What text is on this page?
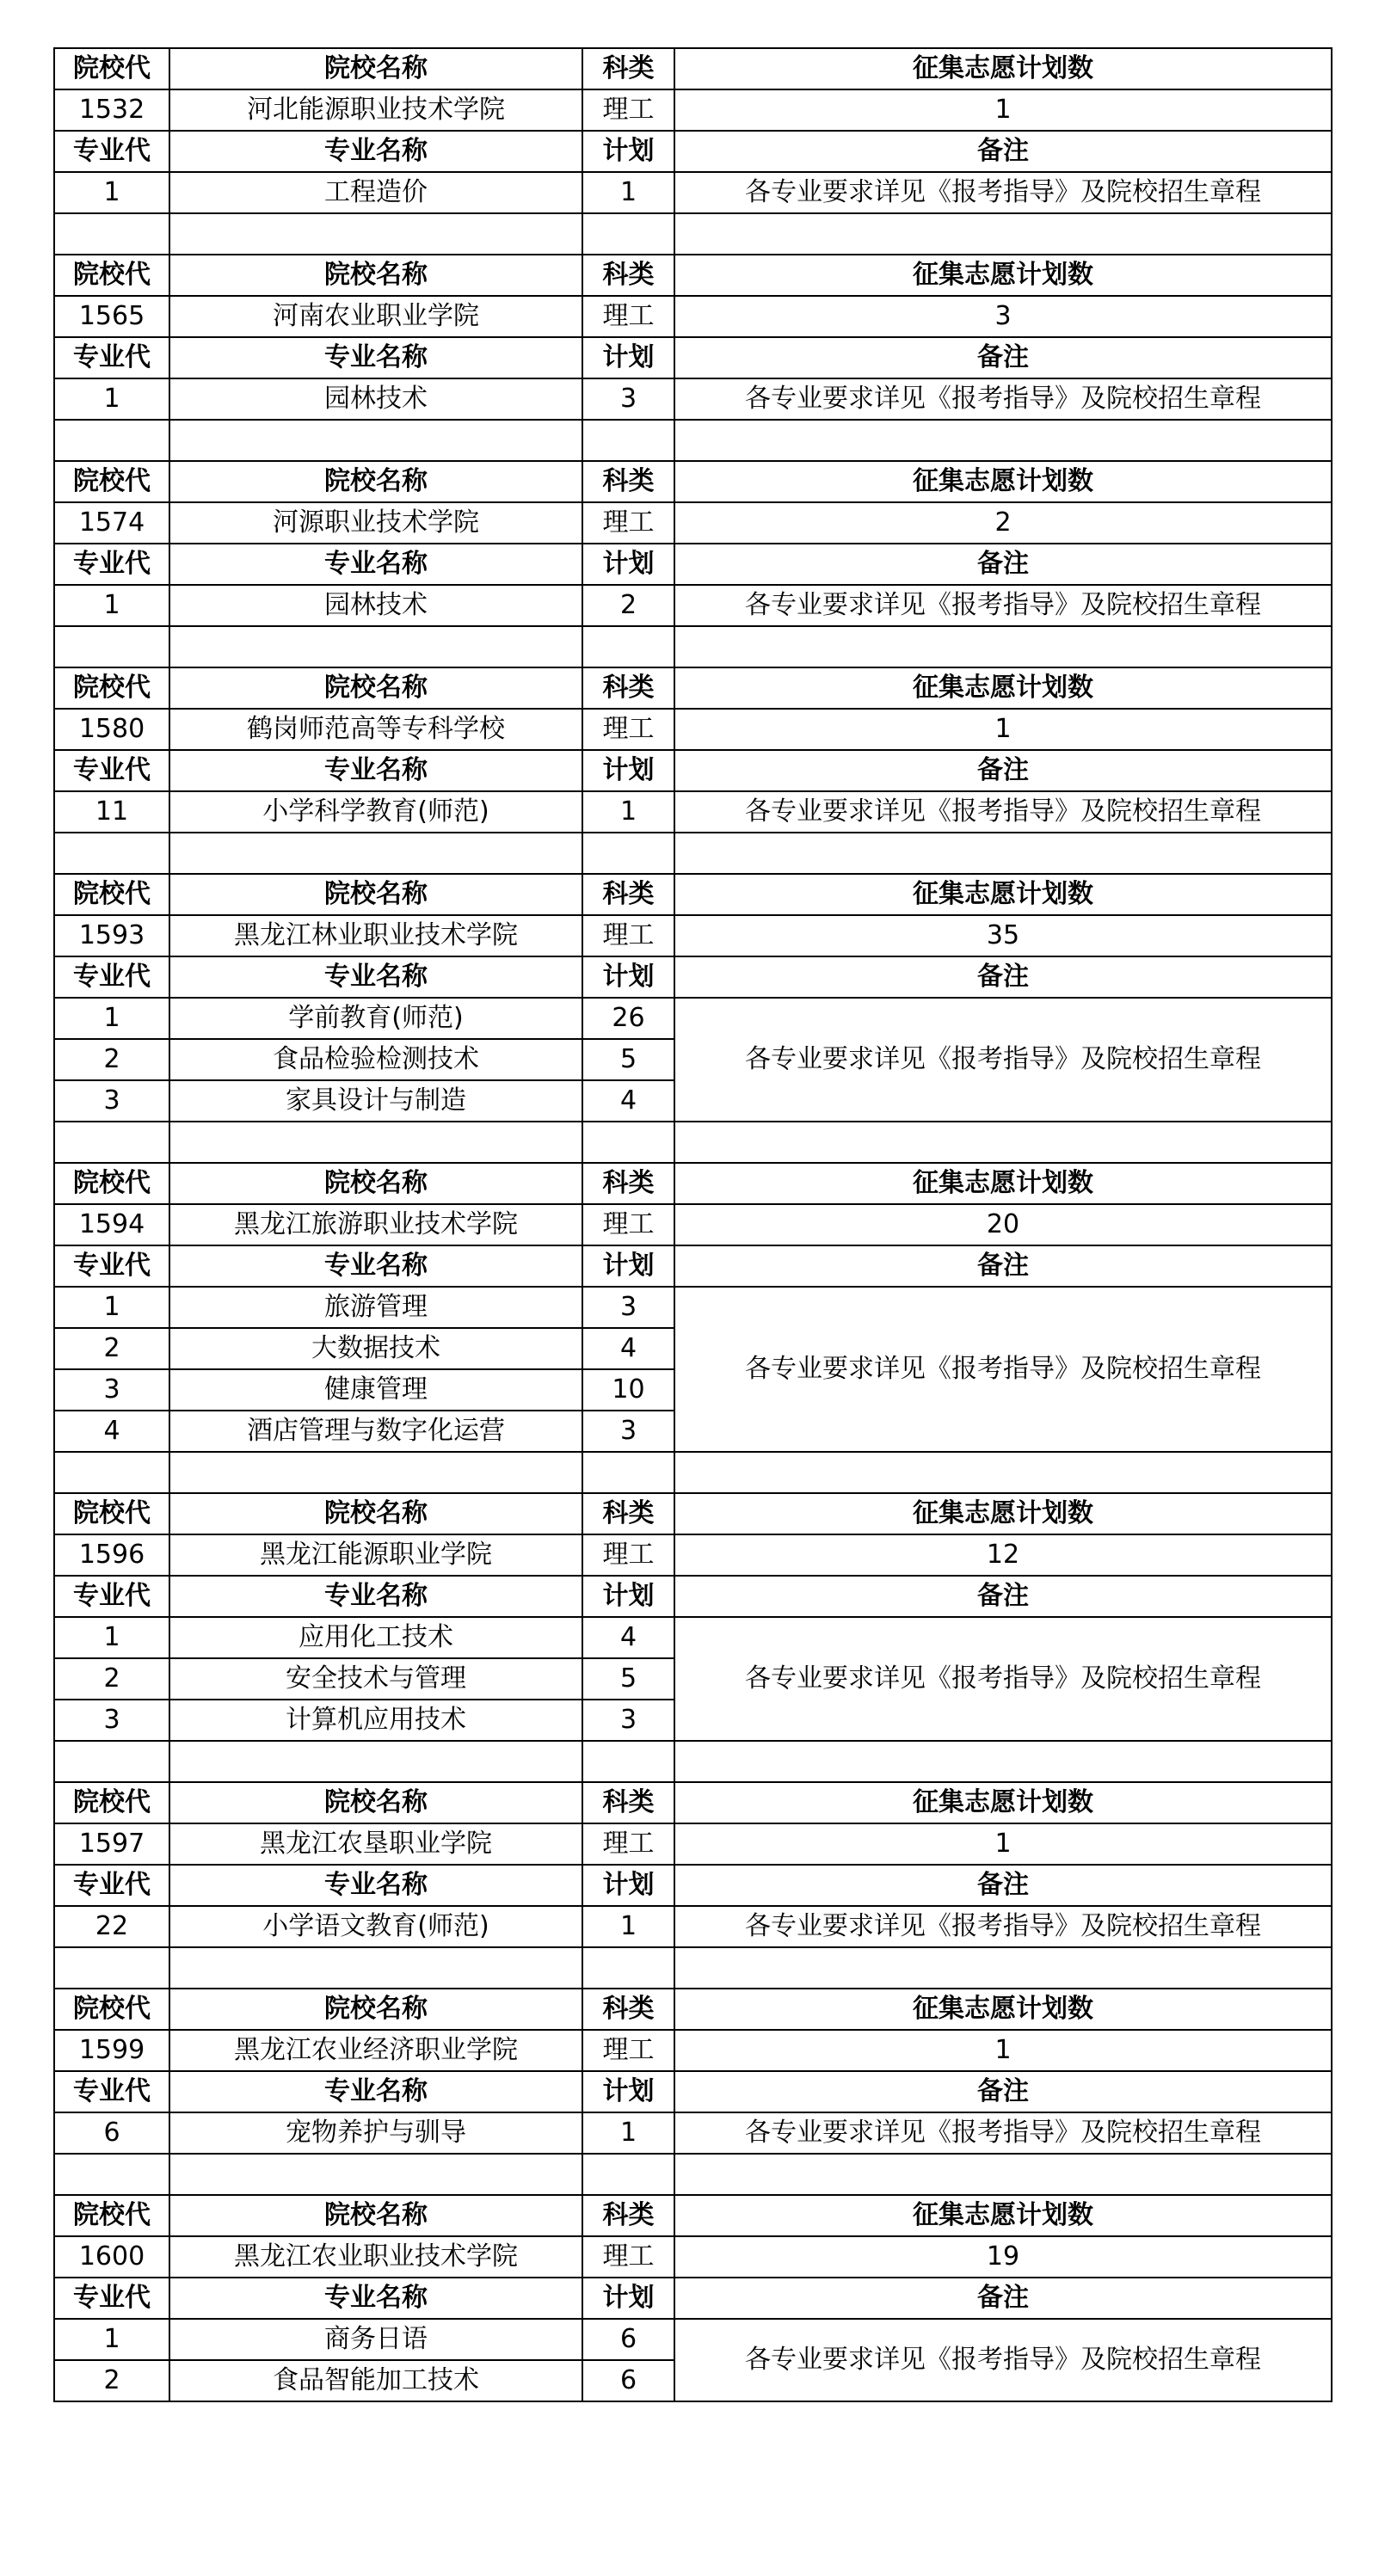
院校代	院校名称	科类	征集志愿计划数
1532	河北能源职业技术学院	理工	1
专业代	专业名称	计划	备注
1	工程造价	1	各专业要求详见《报考指导》及院校招生章程

院校代	院校名称	科类	征集志愿计划数
1565	河南农业职业学院	理工	3
专业代	专业名称	计划	备注
1	园林技术	3	各专业要求详见《报考指导》及院校招生章程

院校代	院校名称	科类	征集志愿计划数
1574	河源职业技术学院	理工	2
专业代	专业名称	计划	备注
1	园林技术	2	各专业要求详见《报考指导》及院校招生章程

院校代	院校名称	科类	征集志愿计划数
1580	鹤岗师范高等专科学校	理工	1
专业代	专业名称	计划	备注
11	小学科学教育(师范)	1	各专业要求详见《报考指导》及院校招生章程

院校代	院校名称	科类	征集志愿计划数
1593	黑龙江林业职业技术学院	理工	35
专业代	专业名称	计划	备注
1	学前教育(师范)	26	各专业要求详见《报考指导》及院校招生章程
2	食品检验检测技术	5	
3	家具设计与制造	4	

院校代	院校名称	科类	征集志愿计划数
1594	黑龙江旅游职业技术学院	理工	20
专业代	专业名称	计划	备注
1	旅游管理	3	各专业要求详见《报考指导》及院校招生章程
2	大数据技术	4	
3	健康管理	10	
4	酒店管理与数字化运营	3	

院校代	院校名称	科类	征集志愿计划数
1596	黑龙江能源职业学院	理工	12
专业代	专业名称	计划	备注
1	应用化工技术	4	各专业要求详见《报考指导》及院校招生章程
2	安全技术与管理	5	
3	计算机应用技术	3	

院校代	院校名称	科类	征集志愿计划数
1597	黑龙江农垦职业学院	理工	1
专业代	专业名称	计划	备注
22	小学语文教育(师范)	1	各专业要求详见《报考指导》及院校招生章程

院校代	院校名称	科类	征集志愿计划数
1599	黑龙江农业经济职业学院	理工	1
专业代	专业名称	计划	备注
6	宠物养护与驯导	1	各专业要求详见《报考指导》及院校招生章程

院校代	院校名称	科类	征集志愿计划数
1600	黑龙江农业职业技术学院	理工	19
专业代	专业名称	计划	备注
1	商务日语	6	各专业要求详见《报考指导》及院校招生章程
2	食品智能加工技术	6	
